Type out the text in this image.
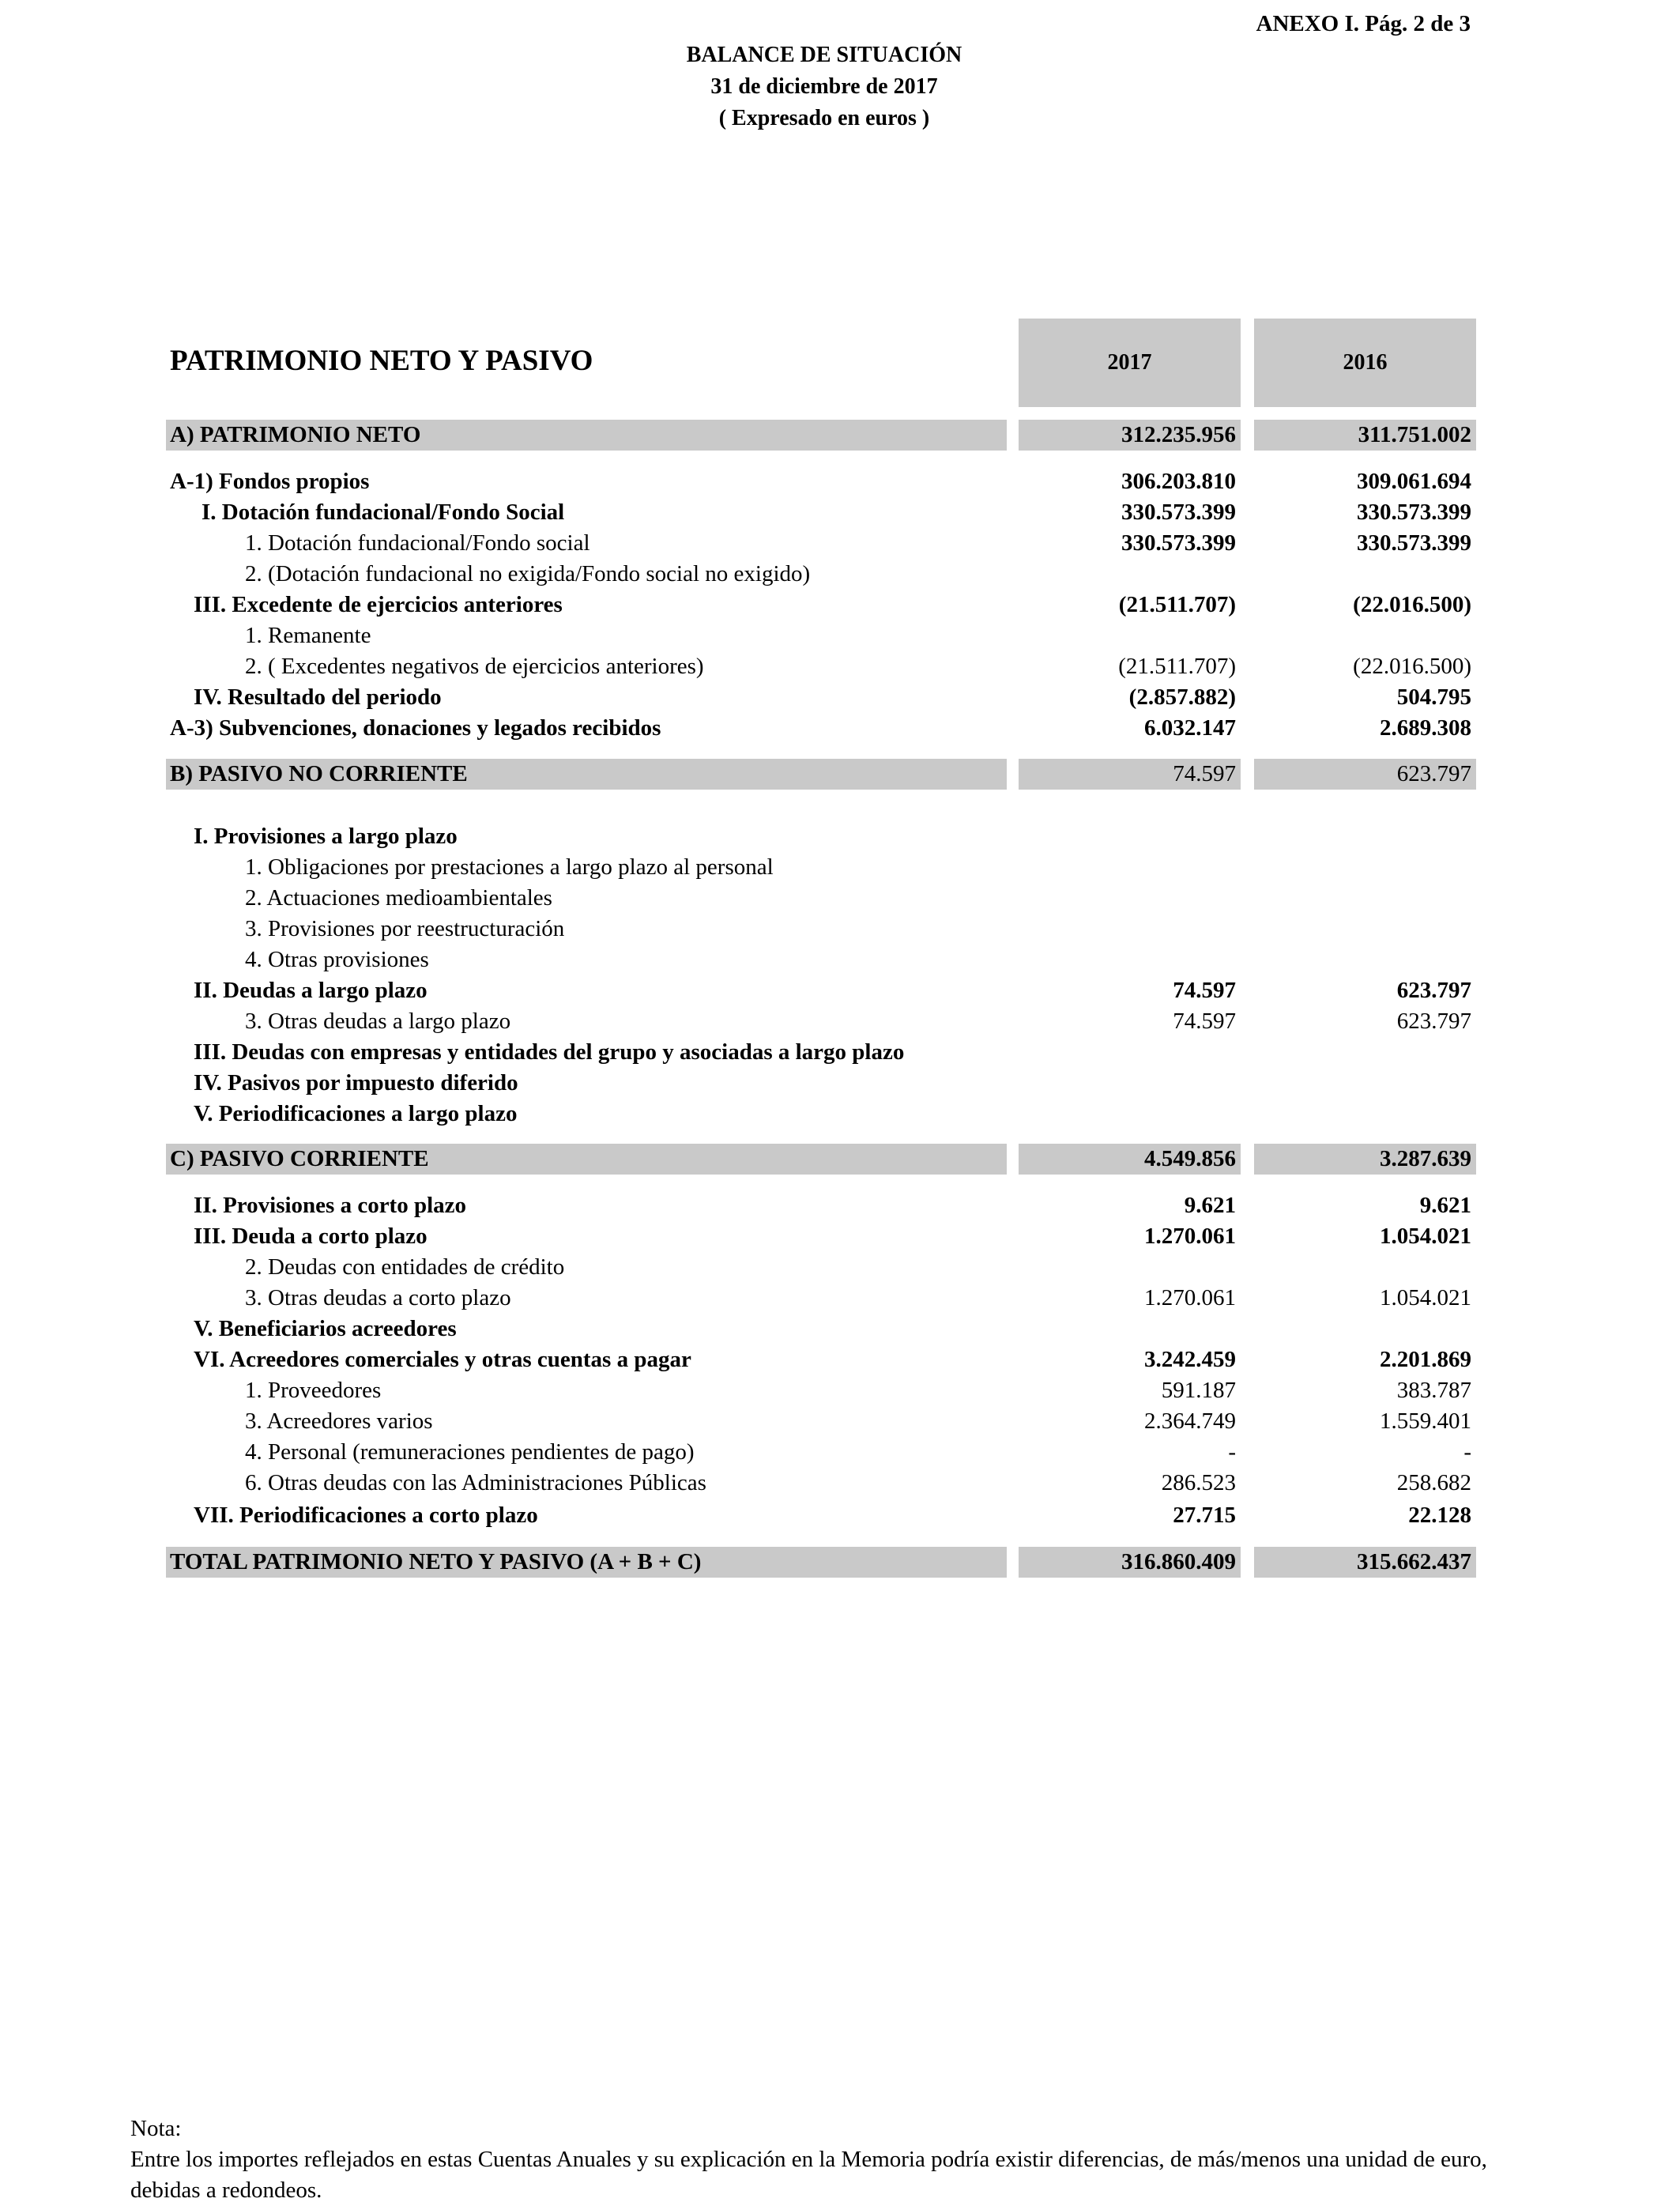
ANEXO I. Pág. 2 de 3
BALANCE DE SITUACIÓN
31 de diciembre de 2017
( Expresado en euros )
PATRIMONIO NETO Y PASIVO	2017	2016
A) PATRIMONIO NETO	312.235.956	311.751.002
A-1) Fondos propios	306.203.810	309.061.694
I. Dotación fundacional/Fondo Social	330.573.399	330.573.399
1. Dotación fundacional/Fondo social	330.573.399	330.573.399
2. (Dotación fundacional no exigida/Fondo social no exigido)
III. Excedente de ejercicios anteriores	(21.511.707)	(22.016.500)
1. Remanente
2. ( Excedentes negativos de ejercicios anteriores)	(21.511.707)	(22.016.500)
IV. Resultado del periodo	(2.857.882)	504.795
A-3) Subvenciones, donaciones y legados recibidos	6.032.147	2.689.308
B) PASIVO NO CORRIENTE	74.597	623.797
I. Provisiones a largo plazo
1. Obligaciones por prestaciones a largo plazo al personal
2. Actuaciones medioambientales
3. Provisiones por reestructuración
4. Otras provisiones
II. Deudas a largo plazo	74.597	623.797
3. Otras deudas a largo plazo	74.597	623.797
III. Deudas con empresas y entidades del grupo y asociadas a largo plazo
IV. Pasivos por impuesto diferido
V. Periodificaciones a largo plazo
C) PASIVO CORRIENTE	4.549.856	3.287.639
II. Provisiones a corto plazo	9.621	9.621
III. Deuda a corto plazo	1.270.061	1.054.021
2. Deudas con entidades de crédito
3. Otras deudas a corto plazo	1.270.061	1.054.021
V. Beneficiarios acreedores
VI. Acreedores comerciales y otras cuentas a pagar	3.242.459	2.201.869
1. Proveedores	591.187	383.787
3. Acreedores varios	2.364.749	1.559.401
4. Personal (remuneraciones pendientes de pago)	-	-
6. Otras deudas con las Administraciones Públicas	286.523	258.682
VII. Periodificaciones a corto plazo	27.715	22.128
TOTAL PATRIMONIO NETO Y PASIVO (A + B + C)	316.860.409	315.662.437
Nota:
Entre los importes reflejados en estas Cuentas Anuales y su explicación en la Memoria podría existir diferencias, de más/menos una unidad de euro, debidas a redondeos.
